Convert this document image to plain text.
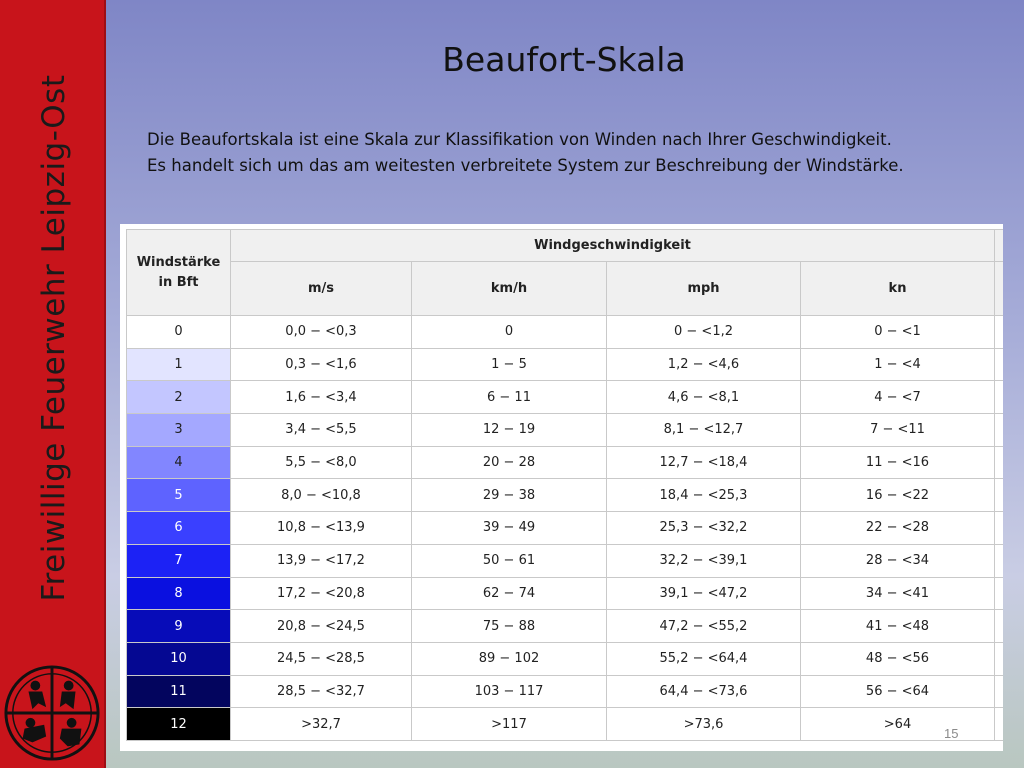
Freiwillige Feuerwehr Leipzig-Ost
Beaufort-Skala

Die Beaufortskala ist eine Skala zur Klassifikation von Winden nach Ihrer Geschwindigkeit.

Es handelt sich um das am weitesten verbreitete System zur Beschreibung der Windstärke.

Windstärke in Bft	Windgeschwindigkeit				
	m/s	km/h	mph	kn	
0	0,0 − <0,3	0	0 − <1,2	0 − <1	
1	0,3 − <1,6	1 − 5	1,2 − <4,6	1 − <4	
2	1,6 − <3,4	6 − 11	4,6 − <8,1	4 − <7	
3	3,4 − <5,5	12 − 19	8,1 − <12,7	7 − <11	
4	5,5 − <8,0	20 − 28	12,7 − <18,4	11 − <16	
5	8,0 − <10,8	29 − 38	18,4 − <25,3	16 − <22	
6	10,8 − <13,9	39 − 49	25,3 − <32,2	22 − <28	
7	13,9 − <17,2	50 − 61	32,2 − <39,1	28 − <34	
8	17,2 − <20,8	62 − 74	39,1 − <47,2	34 − <41	
9	20,8 − <24,5	75 − 88	47,2 − <55,2	41 − <48	
10	24,5 − <28,5	89 − 102	55,2 − <64,4	48 − <56	
11	28,5 − <32,7	103 − 117	64,4 − <73,6	56 − <64	
12	>32,7	>117	>73,6	>64	
15
